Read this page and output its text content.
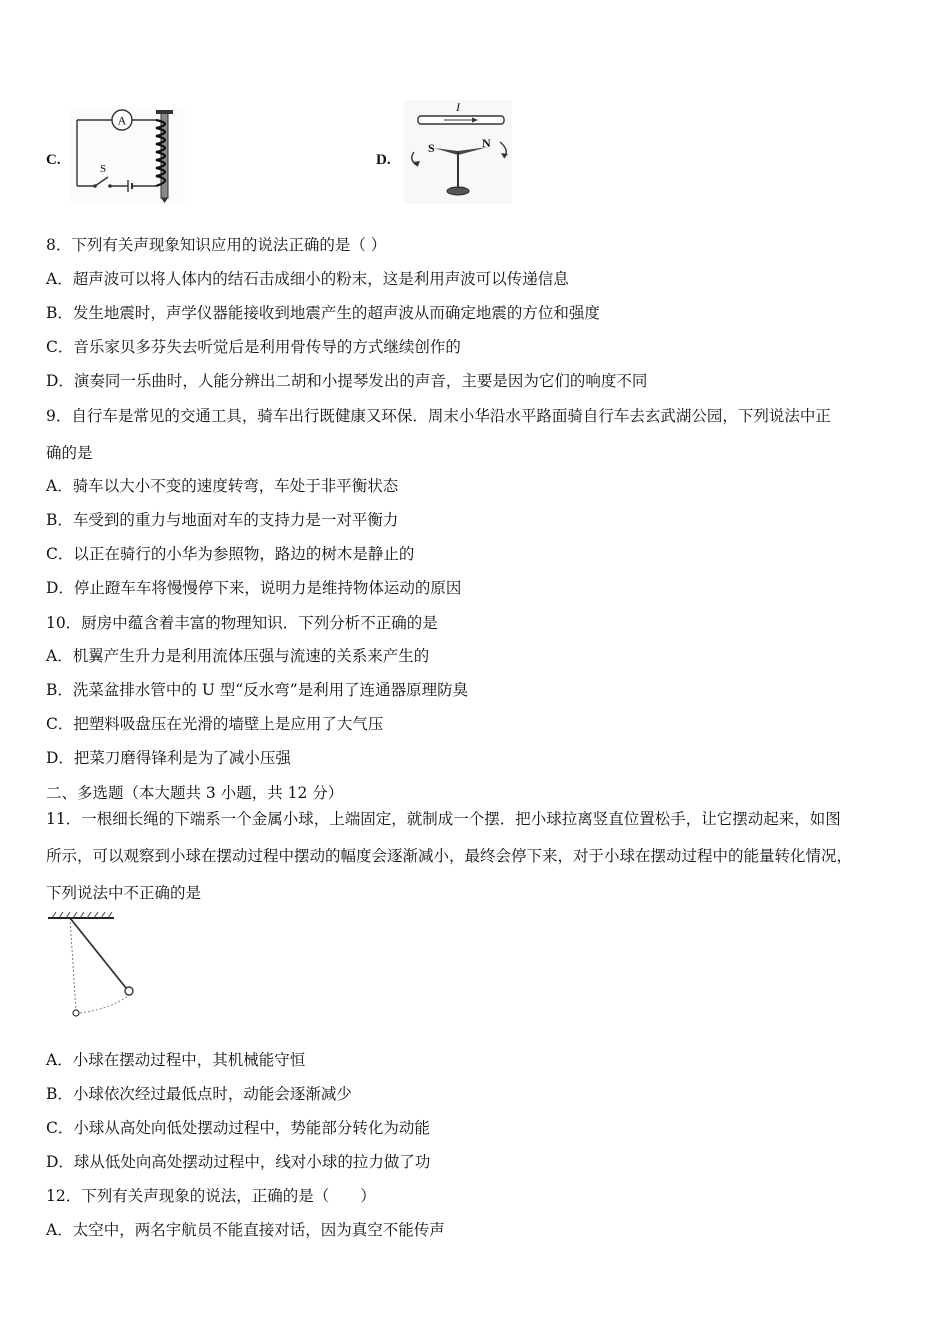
C.
A
S
D.
I
S	N
8．下列有关声现象知识应用的说法正确的是（ ）
A．超声波可以将人体内的结石击成细小的粉末，这是利用声波可以传递信息
B．发生地震时，声学仪器能接收到地震产生的超声波从而确定地震的方位和强度
C．音乐家贝多芬失去听觉后是利用骨传导的方式继续创作的
D．演奏同一乐曲时，人能分辨出二胡和小提琴发出的声音，主要是因为它们的响度不同
9．自行车是常见的交通工具，骑车出行既健康又环保．周末小华沿水平路面骑自行车去玄武湖公园，下列说法中正
确的是
A．骑车以大小不变的速度转弯，车处于非平衡状态
B．车受到的重力与地面对车的支持力是一对平衡力
C．以正在骑行的小华为参照物，路边的树木是静止的
D．停止蹬车车将慢慢停下来，说明力是维持物体运动的原因
10．厨房中蕴含着丰富的物理知识．下列分析不正确的是
A．机翼产生升力是利用流体压强与流速的关系来产生的
B．洗菜盆排水管中的 U 型“反水弯”是利用了连通器原理防臭
C．把塑料吸盘压在光滑的墙壁上是应用了大气压
D．把菜刀磨得锋利是为了减小压强
二、多选题（本大题共 3 小题，共 12 分）
11．一根细长绳的下端系一个金属小球，上端固定，就制成一个摆．把小球拉离竖直位置松手，让它摆动起来，如图
所示，可以观察到小球在摆动过程中摆动的幅度会逐渐减小，最终会停下来，对于小球在摆动过程中的能量转化情况，
下列说法中不正确的是
A．小球在摆动过程中，其机械能守恒
B．小球依次经过最低点时，动能会逐渐减少
C．小球从高处向低处摆动过程中，势能部分转化为动能
D．球从低处向高处摆动过程中，线对小球的拉力做了功
12．下列有关声现象的说法，正确的是（　　）
A．太空中，两名宇航员不能直接对话，因为真空不能传声
